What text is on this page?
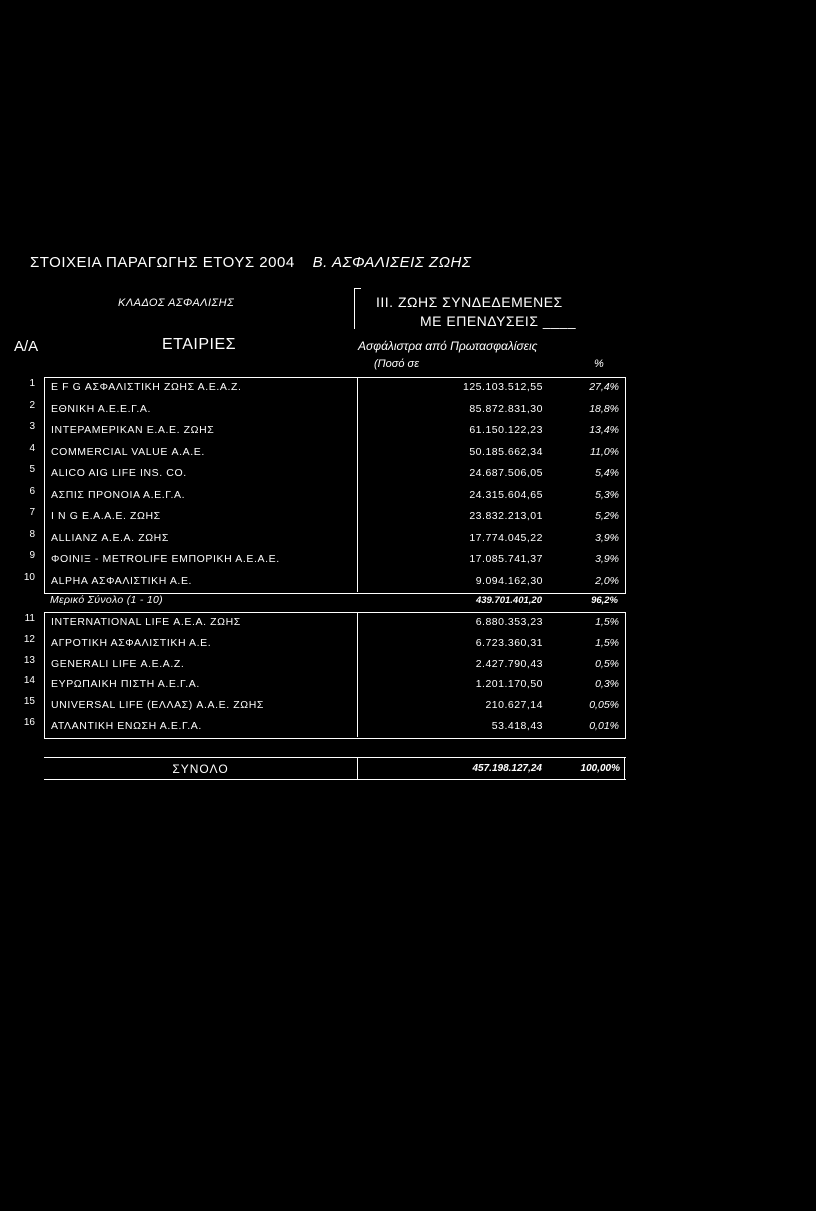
ΣΤΟΙΧΕΙΑ ΠΑΡΑΓΩΓΗΣ ΕΤΟΥΣ 2004 Β. ΑΣΦΑΛΙΣΕΙΣ ΖΩΗΣ
ΚΛΑΔΟΣ ΑΣΦΑΛΙΣΗΣ
Α/Α	ΕΤΑΙΡΙΕΣ
ΙΙΙ. ΖΩΗΣ ΣΥΝΔΕΔΕΜΕΝΕΣ
ΜΕ ΕΠΕΝΔΥΣΕΙΣ ____
Ασφάλιστρα από Πρωτασφαλίσεις
(Ποσό σε	%
1 E F G ΑΣΦΑΛΙΣΤΙΚΗ ΖΩΗΣ Α.Ε.Α.Ζ.	125.103.512,55	27,4%
2 ΕΘΝΙΚΗ Α.Ε.Ε.Γ.Α.	85.872.831,30	18,8%
3 ΙΝΤΕΡΑΜΕΡΙΚΑΝ Ε.Α.Ε. ΖΩΗΣ	61.150.122,23	13,4%
4 COMMERCIAL VALUE Α.Α.Ε.	50.185.662,34	11,0%
5 ALICO AIG LIFE INS. CO.	24.687.506,05	5,4%
6 ΑΣΠΙΣ ΠΡΟΝΟΙΑ Α.Ε.Γ.Α.	24.315.604,65	5,3%
7 I N G Ε.Α.Α.Ε. ΖΩΗΣ	23.832.213,01	5,2%
8 ALLIANZ Α.Ε.Α. ΖΩΗΣ	17.774.045,22	3,9%
9 ΦΟΙΝΙΞ - METROLIFE ΕΜΠΟΡΙΚΗ Α.Ε.Α.Ε.	17.085.741,37	3,9%
10 ALPHA ΑΣΦΑΛΙΣΤΙΚΗ Α.Ε.	9.094.162,30	2,0%
Μερικό Σύνολο (1 - 10)	439.701.401,20	96,2%
11 INTERNATIONAL LIFE Α.Ε.Α. ΖΩΗΣ	6.880.353,23	1,5%
12 ΑΓΡΟΤΙΚΗ ΑΣΦΑΛΙΣΤΙΚΗ Α.Ε.	6.723.360,31	1,5%
13 GENERALI LIFE Α.Ε.Α.Ζ.	2.427.790,43	0,5%
14 ΕΥΡΩΠΑΙΚΗ ΠΙΣΤΗ Α.Ε.Γ.Α.	1.201.170,50	0,3%
15 UNIVERSAL LIFE (ΕΛΛΑΣ) Α.Α.Ε. ΖΩΗΣ	210.627,14	0,05%
16 ΑΤΛΑΝΤΙΚΗ ΕΝΩΣΗ Α.Ε.Γ.Α.	53.418,43	0,01%
ΣΥΝΟΛΟ	457.198.127,24	100,00%
